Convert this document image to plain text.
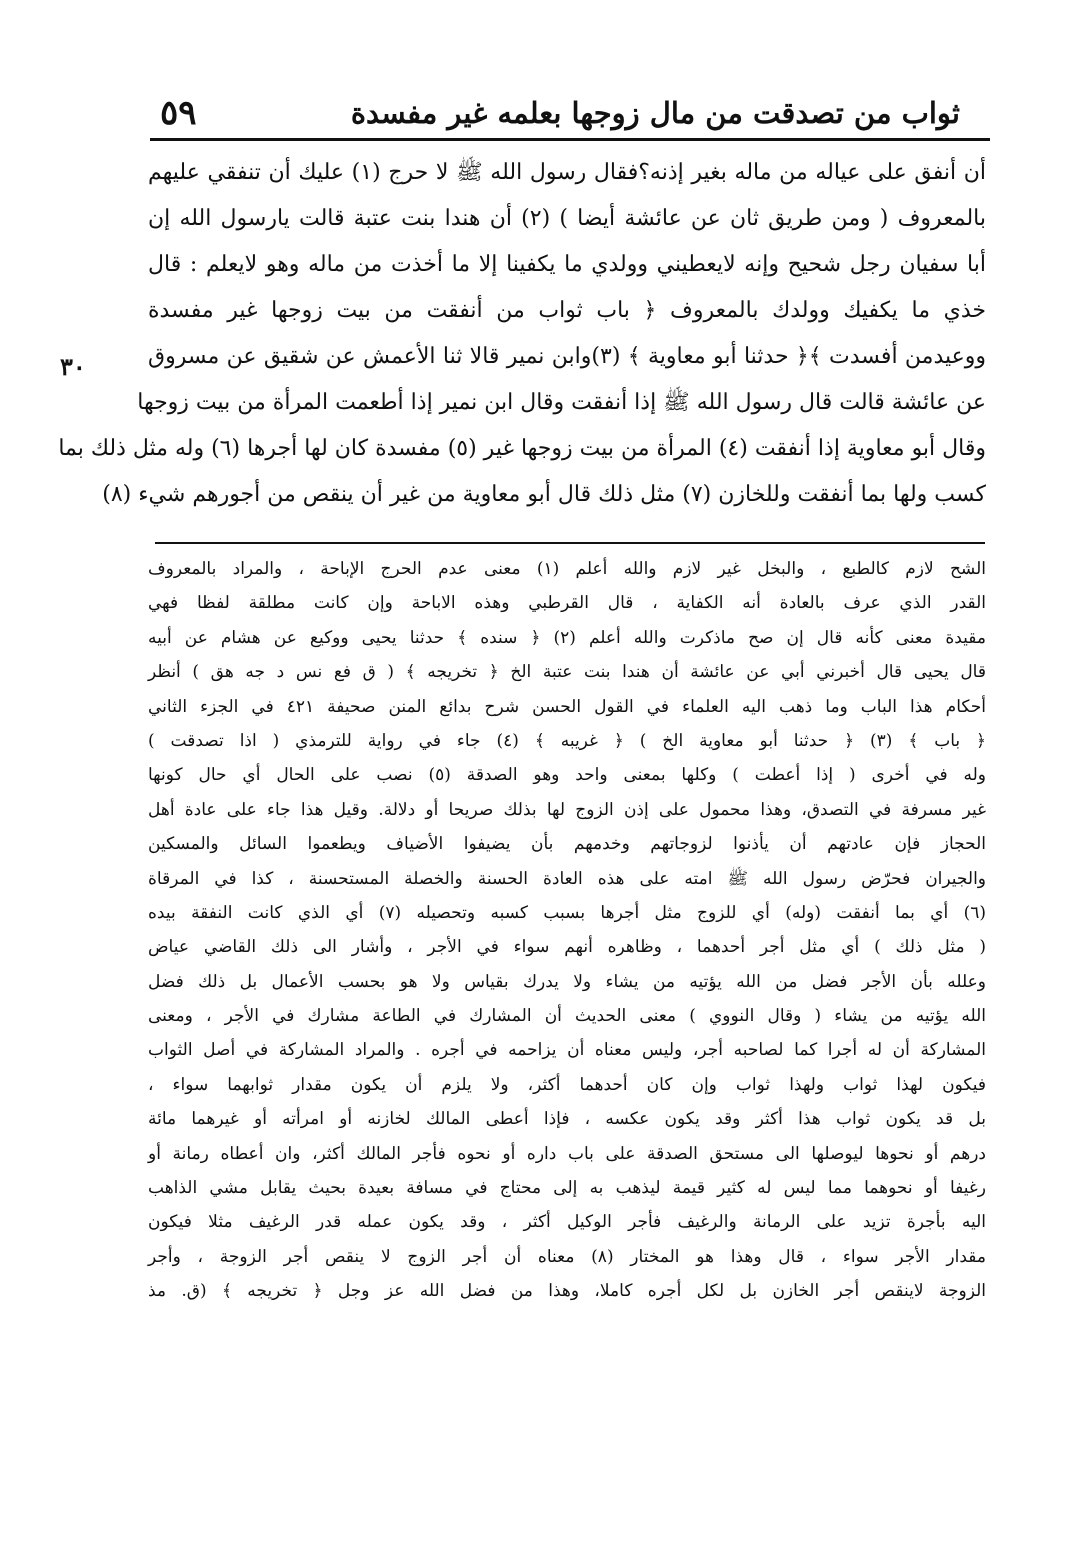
٥٩	ثواب من تصدقت من مال زوجها بعلمه غير مفسدة
٣٠
أن أنفق على عياله من ماله بغير إذنه؟فقال رسول الله ﷺ لا حرج (١) عليك أن تنفقي عليهم
بالمعروف ( ومن طريق ثان عن عائشة أيضا ) (٢) أن هندا بنت عتبة قالت يارسول الله إن
أبا سفيان رجل شحيح وإنه لايعطيني وولدي ما يكفينا إلا ما أخذت من ماله وهو لايعلم : قال
خذي ما يكفيك وولدك بالمعروف ﴿ باب ثواب من أنفقت من بيت زوجها غير مفسدة
ووعيدمن أفسدت ﴾﴿ حدثنا أبو معاوية ﴾ (٣)وابن نمير قالا ثنا الأعمش عن شقيق عن مسروق
عن عائشة قالت قال رسول الله ﷺ إذا أنفقت وقال ابن نمير إذا أطعمت المرأة من بيت زوجها
وقال أبو معاوية إذا أنفقت (٤) المرأة من بيت زوجها غير (٥) مفسدة كان لها أجرها (٦) وله مثل ذلك بما
كسب ولها بما أنفقت وللخازن (٧) مثل ذلك قال أبو معاوية من غير أن ينقص من أجورهم شيء (٨)
الشح لازم كالطبع ، والبخل غير لازم والله أعلم (١) معنى عدم الحرج الإباحة ، والمراد بالمعروف
القدر الذي عرف بالعادة أنه الكفاية ، قال القرطبي وهذه الاباحة وإن كانت مطلقة لفظا فهي
مقيدة معنى كأنه قال إن صح ماذكرت والله أعلم (٢) ﴿ سنده ﴾ حدثنا يحيى ووكيع عن هشام عن أبيه
قال يحيى قال أخبرني أبي عن عائشة أن هندا بنت عتبة الخ ﴿ تخريجه ﴾ ( ق فع نس د جه هق ) أنظر
أحكام هذا الباب وما ذهب اليه العلماء في القول الحسن شرح بدائع المنن صحيفة ٤٢١ في الجزء الثاني
﴿ باب ﴾ (٣) ﴿ حدثنا أبو معاوية الخ ) ﴿ غريبه ﴾ (٤) جاء في رواية للترمذي ( اذا تصدقت )
وله في أخرى ( إذا أعطت ) وكلها بمعنى واحد وهو الصدقة (٥) نصب على الحال أي حال كونها
غير مسرفة في التصدق، وهذا محمول على إذن الزوج لها بذلك صريحا أو دلالة. وقيل هذا جاء على عادة أهل
الحجاز فإن عادتهم أن يأذنوا لزوجاتهم وخدمهم بأن يضيفوا الأضياف ويطعموا السائل والمسكين
والجيران فحرّض رسول الله ﷺ امته على هذه العادة الحسنة والخصلة المستحسنة ، كذا في المرقاة
(٦) أي بما أنفقت (وله) أي للزوج مثل أجرها بسبب كسبه وتحصيله (٧) أي الذي كانت النفقة بيده
( مثل ذلك ) أي مثل أجر أحدهما ، وظاهره أنهم سواء في الأجر ، وأشار الى ذلك القاضي عياض
وعلله بأن الأجر فضل من الله يؤتيه من يشاء ولا يدرك بقياس ولا هو بحسب الأعمال بل ذلك فضل
الله يؤتيه من يشاء ( وقال النووي ) معنى الحديث أن المشارك في الطاعة مشارك في الأجر ، ومعنى
المشاركة أن له أجرا كما لصاحبه أجر، وليس معناه أن يزاحمه في أجره . والمراد المشاركة في أصل الثواب
فيكون لهذا ثواب ولهذا ثواب وإن كان أحدهما أكثر، ولا يلزم أن يكون مقدار ثوابهما سواء ،
بل قد يكون ثواب هذا أكثر وقد يكون عكسه ، فإذا أعطى المالك لخازنه أو امرأته أو غيرهما مائة
درهم أو نحوها ليوصلها الى مستحق الصدقة على باب داره أو نحوه فأجر المالك أكثر، وان أعطاه رمانة أو
رغيفا أو نحوهما مما ليس له كثير قيمة ليذهب به إلى محتاج في مسافة بعيدة بحيث يقابل مشي الذاهب
اليه بأجرة تزيد على الرمانة والرغيف فأجر الوكيل أكثر ، وقد يكون عمله قدر الرغيف مثلا فيكون
مقدار الأجر سواء ، قال وهذا هو المختار (٨) معناه أن أجر الزوج لا ينقص أجر الزوجة ، وأجر
الزوجة لاينقص أجر الخازن بل لكل أجره كاملا، وهذا من فضل الله عز وجل ﴿ تخريجه ﴾ (ق. مذ
